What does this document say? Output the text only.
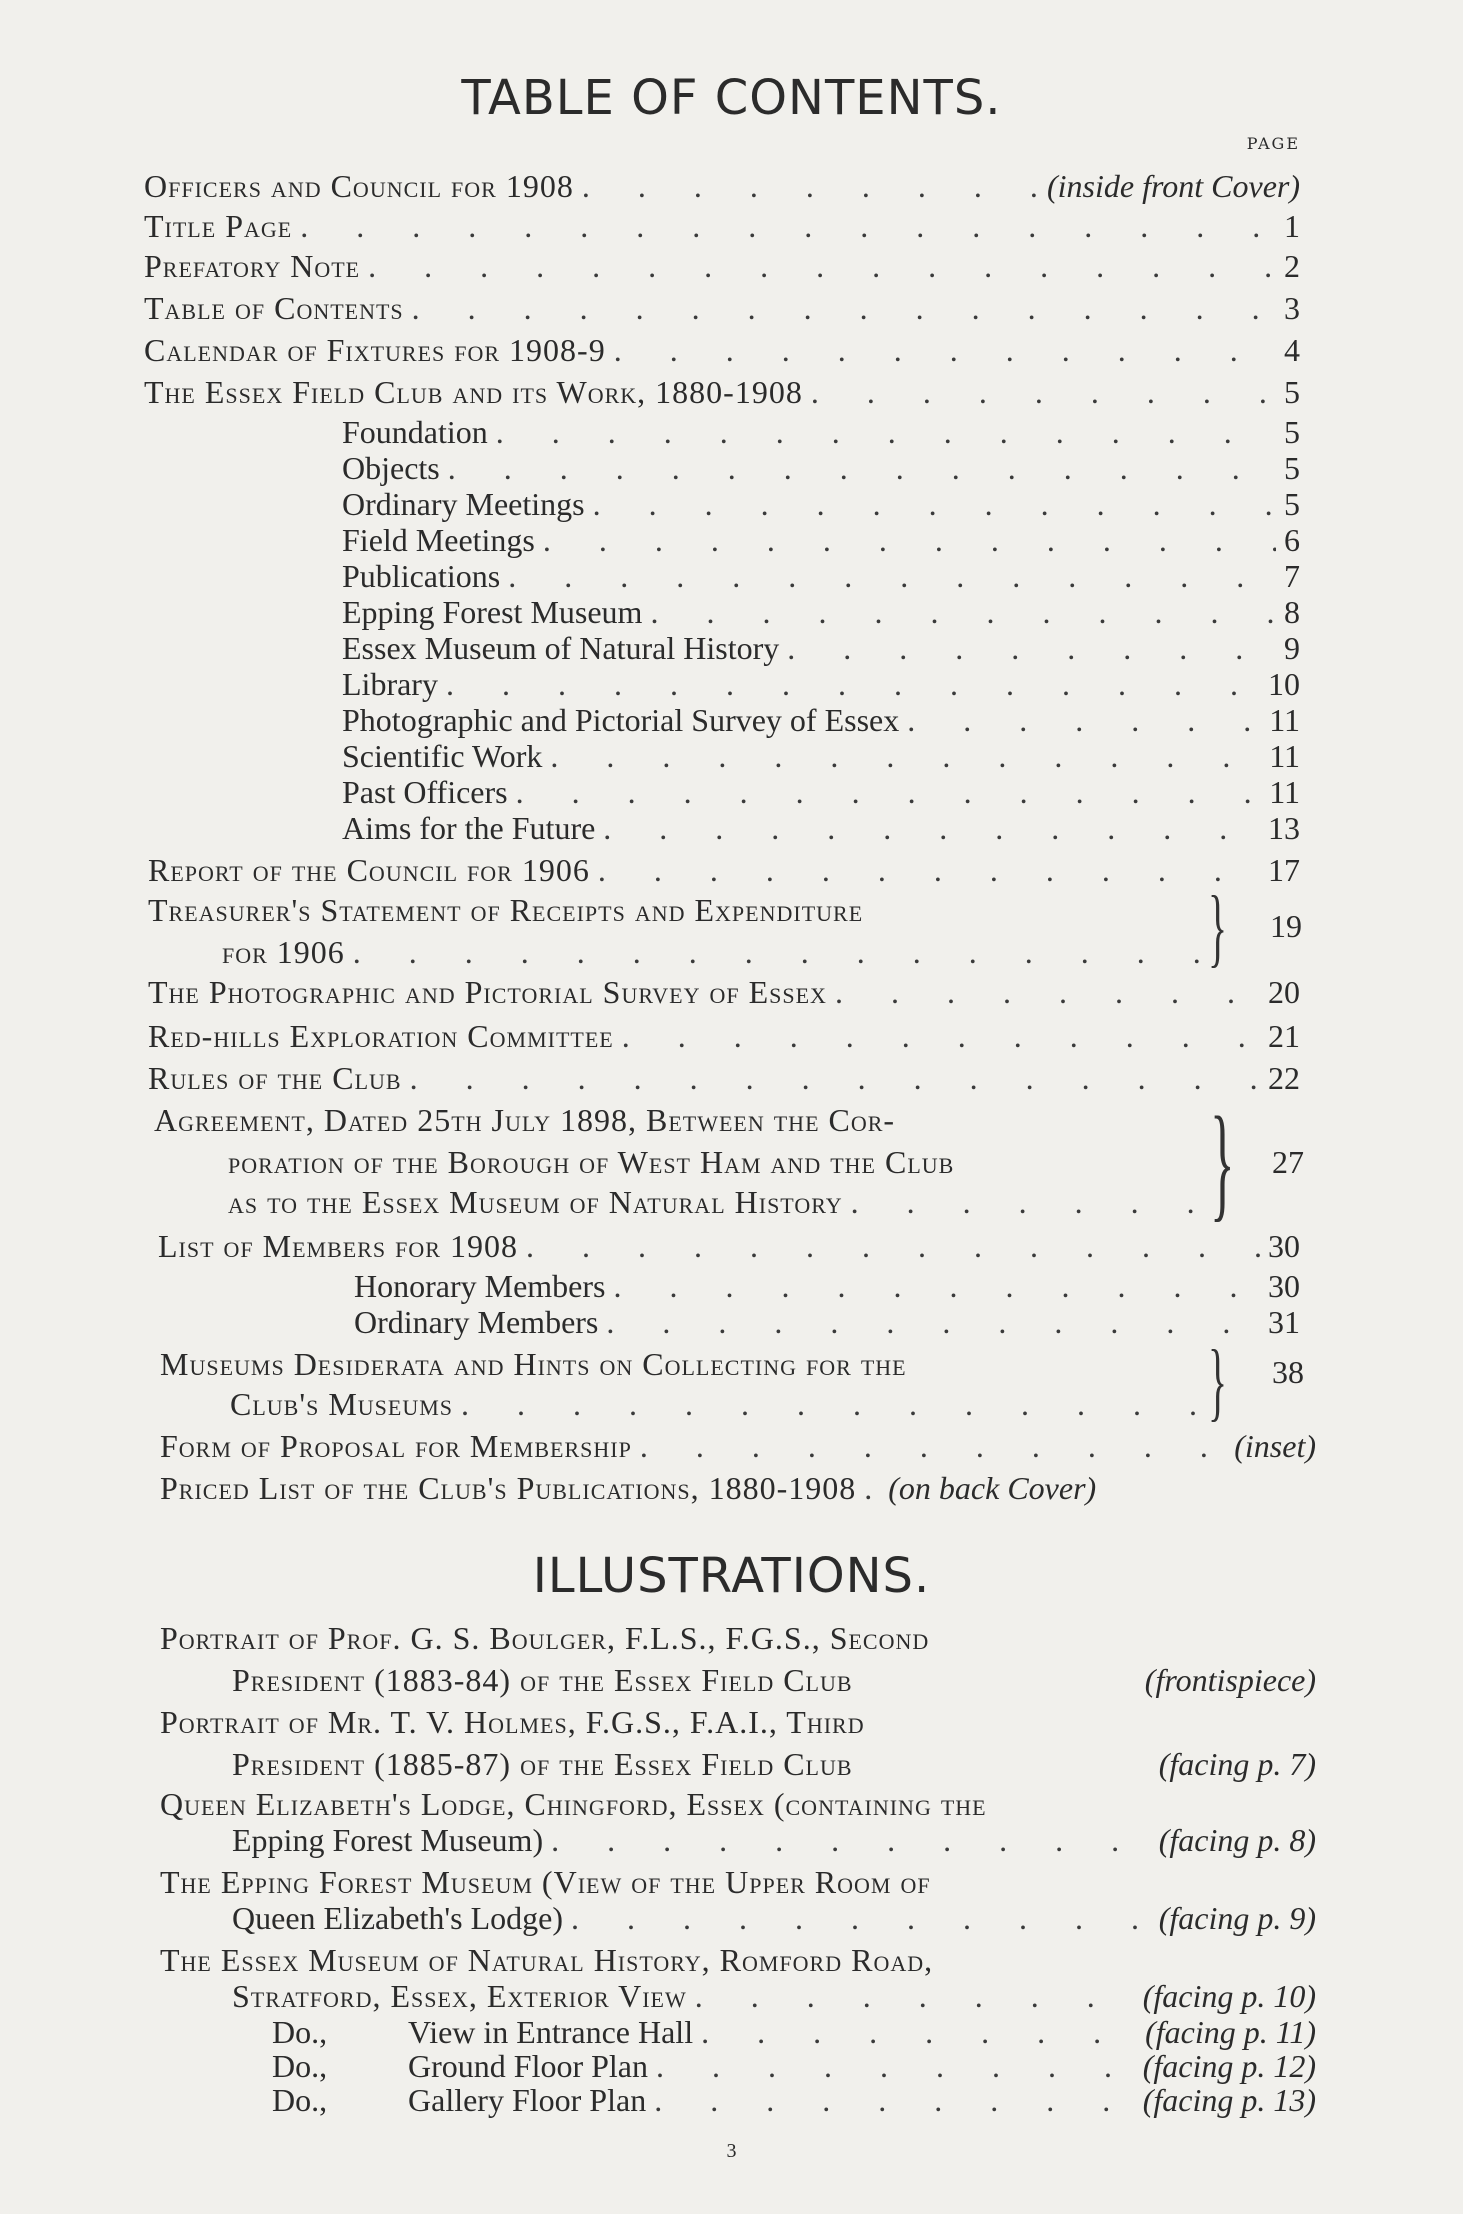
TABLE OF CONTENTS.
PAGE
Officers and Council for 1908 . . .	(inside front Cover)
Title Page . . .	1
Prefatory Note . . .	2
Table of Contents . . .	3
Calendar of Fixtures for 1908-9 . . .	4
The Essex Field Club and its Work, 1880-1908 . . .	5
Foundation . . .	5
Objects . . .	5
Ordinary Meetings . . .	5
Field Meetings . . .	6
Publications . . .	7
Epping Forest Museum . . .	8
Essex Museum of Natural History . . .	9
Library . . .	10
Photographic and Pictorial Survey of Essex . . .	11
Scientific Work . . .	11
Past Officers . . .	11
Aims for the Future . . .	13
Report of the Council for 1906 . . .	17
Treasurer's Statement of Receipts and Expenditure
for 1906 . . .	} 19
The Photographic and Pictorial Survey of Essex . . .	20
Red-hills Exploration Committee . . .	21
Rules of the Club . . .	22
Agreement, Dated 25th July 1898, Between the Cor-
poration of the Borough of West Ham and the Club
as to the Essex Museum of Natural History . . .	} 27
List of Members for 1908 . . .	30
Honorary Members . . .	30
Ordinary Members . . .	31
Museums Desiderata and Hints on Collecting for the
Club's Museums . . .	} 38
Form of Proposal for Membership . . .	(inset)
Priced List of the Club's Publications, 1880-1908 . . . (on back Cover)
ILLUSTRATIONS.
Portrait of Prof. G. S. Boulger, F.L.S., F.G.S., Second
President (1883-84) of the Essex Field Club	(frontispiece)
Portrait of Mr. T. V. Holmes, F.G.S., F.A.I., Third
President (1885-87) of the Essex Field Club	(facing p. 7)
Queen Elizabeth's Lodge, Chingford, Essex (containing the
Epping Forest Museum) . . .	(facing p. 8)
The Epping Forest Museum (View of the Upper Room of
Queen Elizabeth's Lodge) . . .	(facing p. 9)
The Essex Museum of Natural History, Romford Road,
Stratford, Essex, Exterior View . . .	(facing p. 10)
Do.,	View in Entrance Hall . . .	(facing p. 11)
Do.,	Ground Floor Plan . . .	(facing p. 12)
Do.,	Gallery Floor Plan . . .	(facing p. 13)
3
